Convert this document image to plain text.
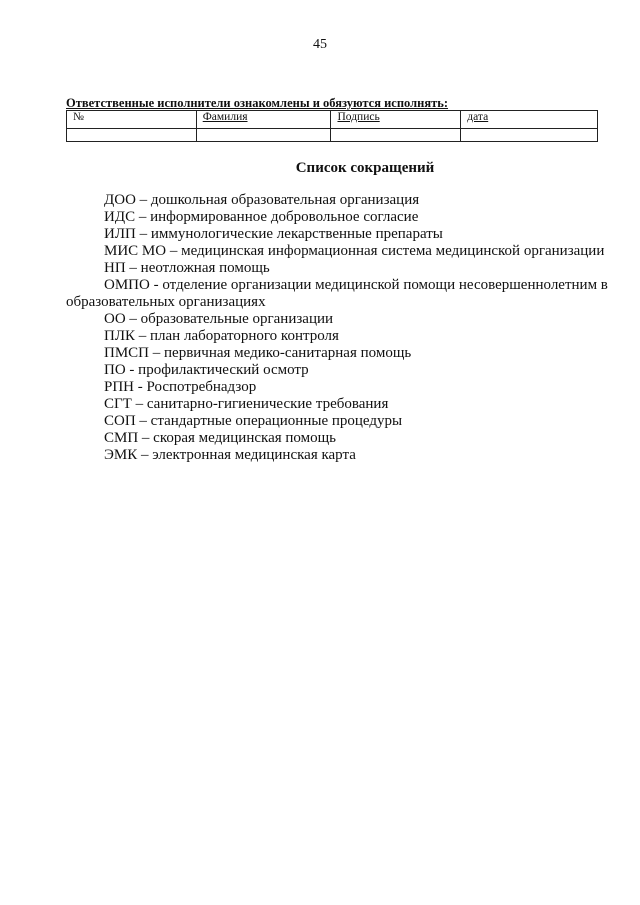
45
Ответственные исполнители ознакомлены и обязуются исполнять:
№	Фамилия	Подпись	дата

Список сокращений
ДОО – дошкольная образовательная организация
ИДС – информированное добровольное согласие
ИЛП – иммунологические лекарственные препараты
МИС МО – медицинская информационная система медицинской организации
НП – неотложная помощь
ОМПО - отделение организации медицинской помощи несовершеннолетним в образовательных организациях
ОО – образовательные организации
ПЛК – план лабораторного контроля
ПМСП – первичная медико-санитарная помощь
ПО - профилактический осмотр
РПН - Роспотребнадзор
СГТ – санитарно-гигиенические требования
СОП – стандартные операционные процедуры
СМП – скорая медицинская помощь
ЭМК – электронная медицинская карта
